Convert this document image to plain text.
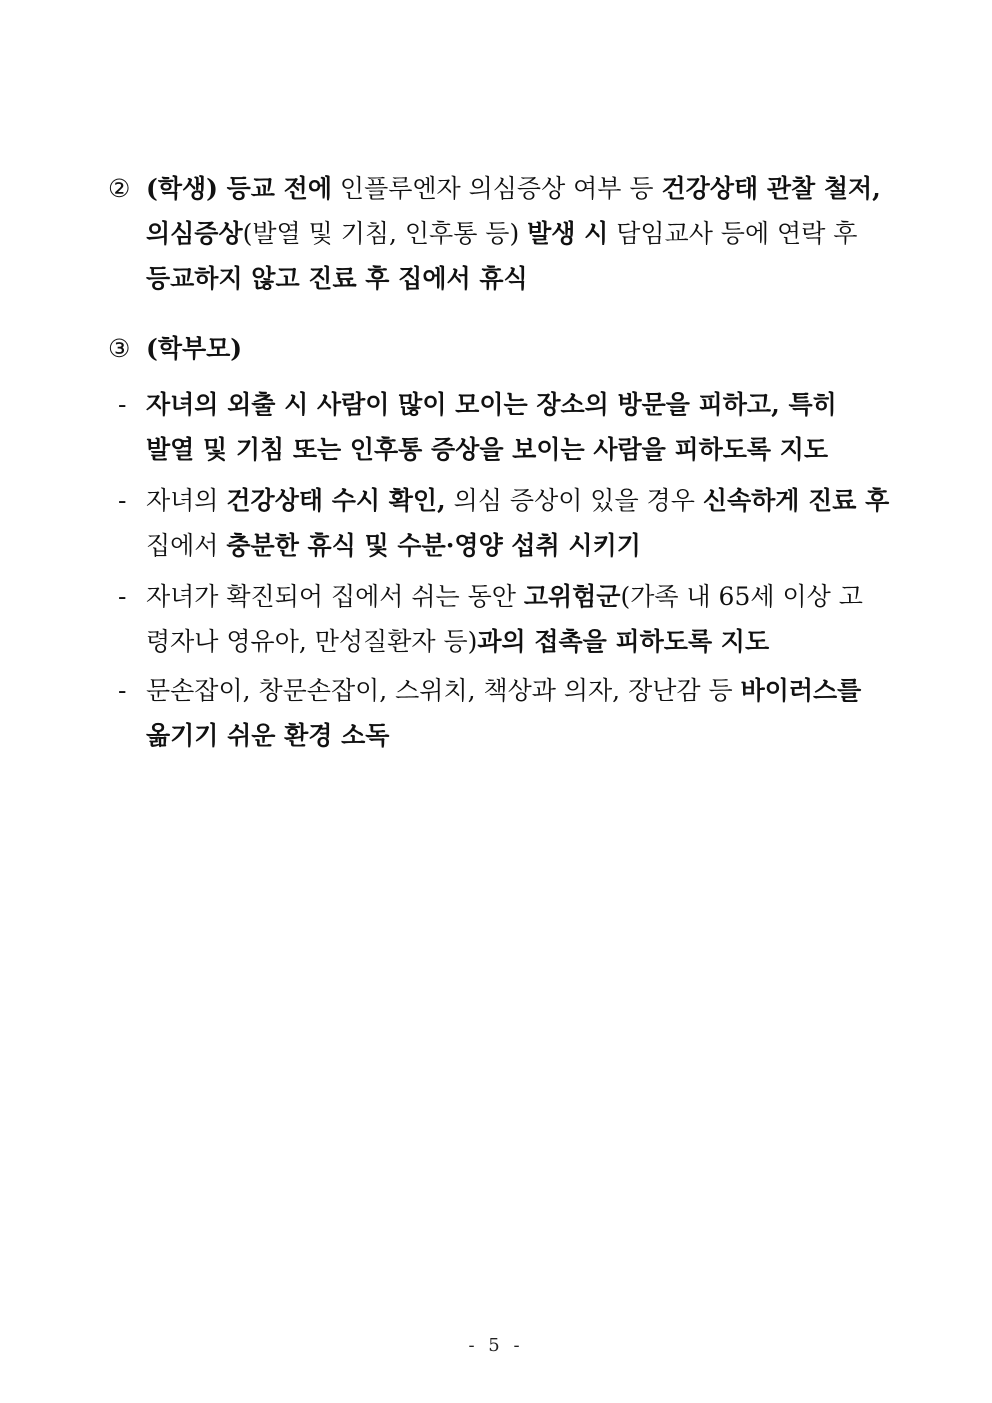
② (학생) 등교 전에 인플루엔자 의심증상 여부 등 건강상태 관찰 철저,
의심증상(발열 및 기침, 인후통 등) 발생 시 담임교사 등에 연락 후
등교하지 않고 진료 후 집에서 휴식
③ (학부모)
- 자녀의 외출 시 사람이 많이 모이는 장소의 방문을 피하고, 특히
발열 및 기침 또는 인후통 증상을 보이는 사람을 피하도록 지도
- 자녀의 건강상태 수시 확인, 의심 증상이 있을 경우 신속하게 진료 후
집에서 충분한 휴식 및 수분·영양 섭취 시키기
- 자녀가 확진되어 집에서 쉬는 동안 고위험군(가족 내 65세 이상 고
령자나 영유아, 만성질환자 등)과의 접촉을 피하도록 지도
- 문손잡이, 창문손잡이, 스위치, 책상과 의자, 장난감 등 바이러스를
옮기기 쉬운 환경 소독
- 5 -
